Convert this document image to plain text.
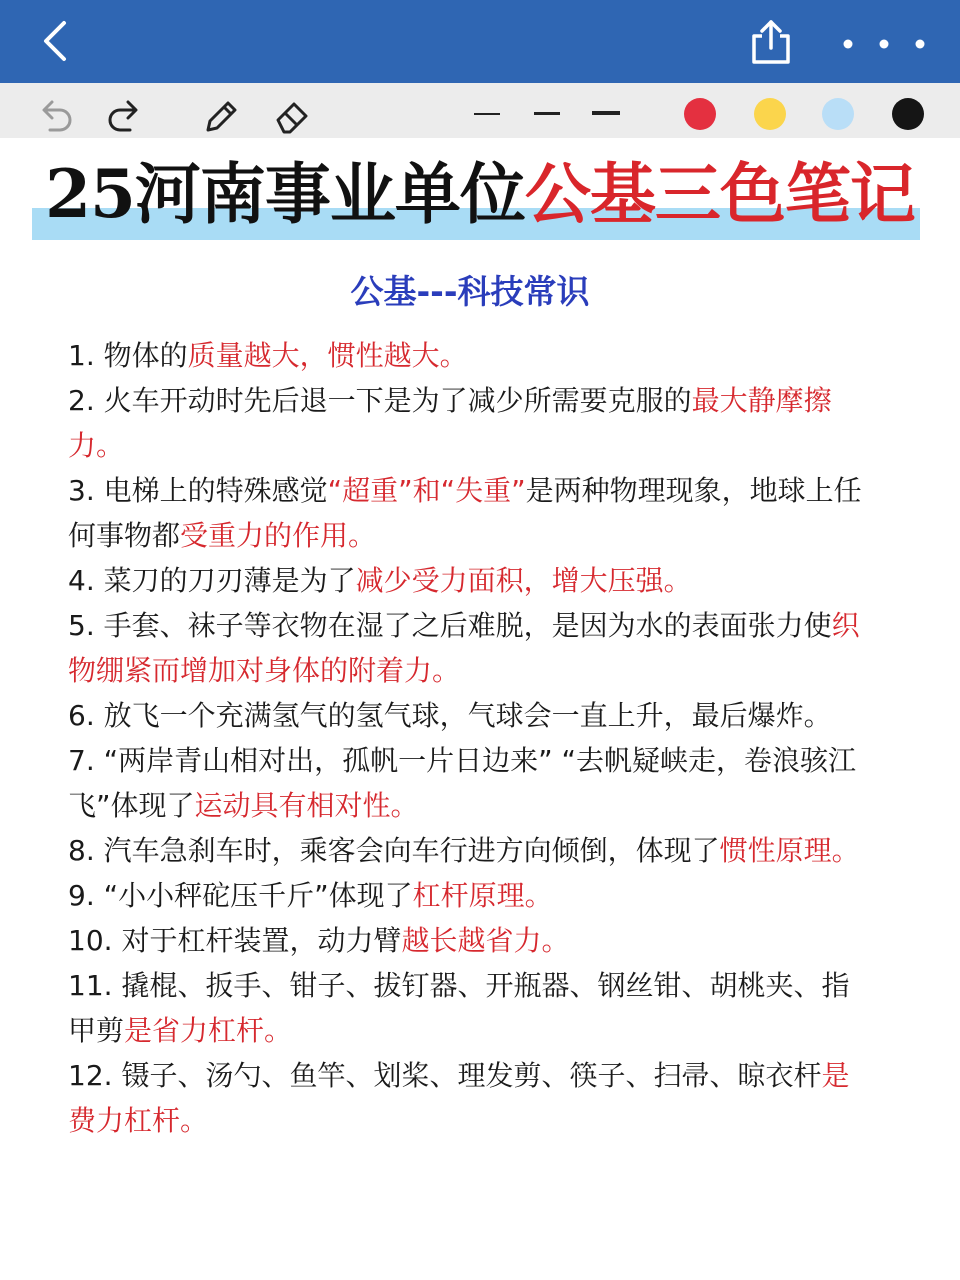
25河南事业单位公基三色笔记
公基---科技常识
1. 物体的质量越大，惯性越大。
2. 火车开动时先后退一下是为了减少所需要克服的最大静摩擦力。
3. 电梯上的特殊感觉“超重”和“失重”是两种物理现象，地球上任何事物都受重力的作用。
4. 菜刀的刀刃薄是为了减少受力面积，增大压强。
5. 手套、袜子等衣物在湿了之后难脱，是因为水的表面张力使织物绷紧而增加对身体的附着力。
6. 放飞一个充满氢气的氢气球，气球会一直上升，最后爆炸。
7. “两岸青山相对出，孤帆一片日边来” “去帆疑峡走，卷浪骇江飞”体现了运动具有相对性。
8. 汽车急刹车时，乘客会向车行进方向倾倒，体现了惯性原理。
9. “小小秤砣压千斤”体现了杠杆原理。
10. 对于杠杆装置，动力臂越长越省力。
11. 撬棍、扳手、钳子、拔钉器、开瓶器、钢丝钳、胡桃夹、指甲剪是省力杠杆。
12. 镊子、汤勺、鱼竿、划桨、理发剪、筷子、扫帚、晾衣杆是费力杠杆。
